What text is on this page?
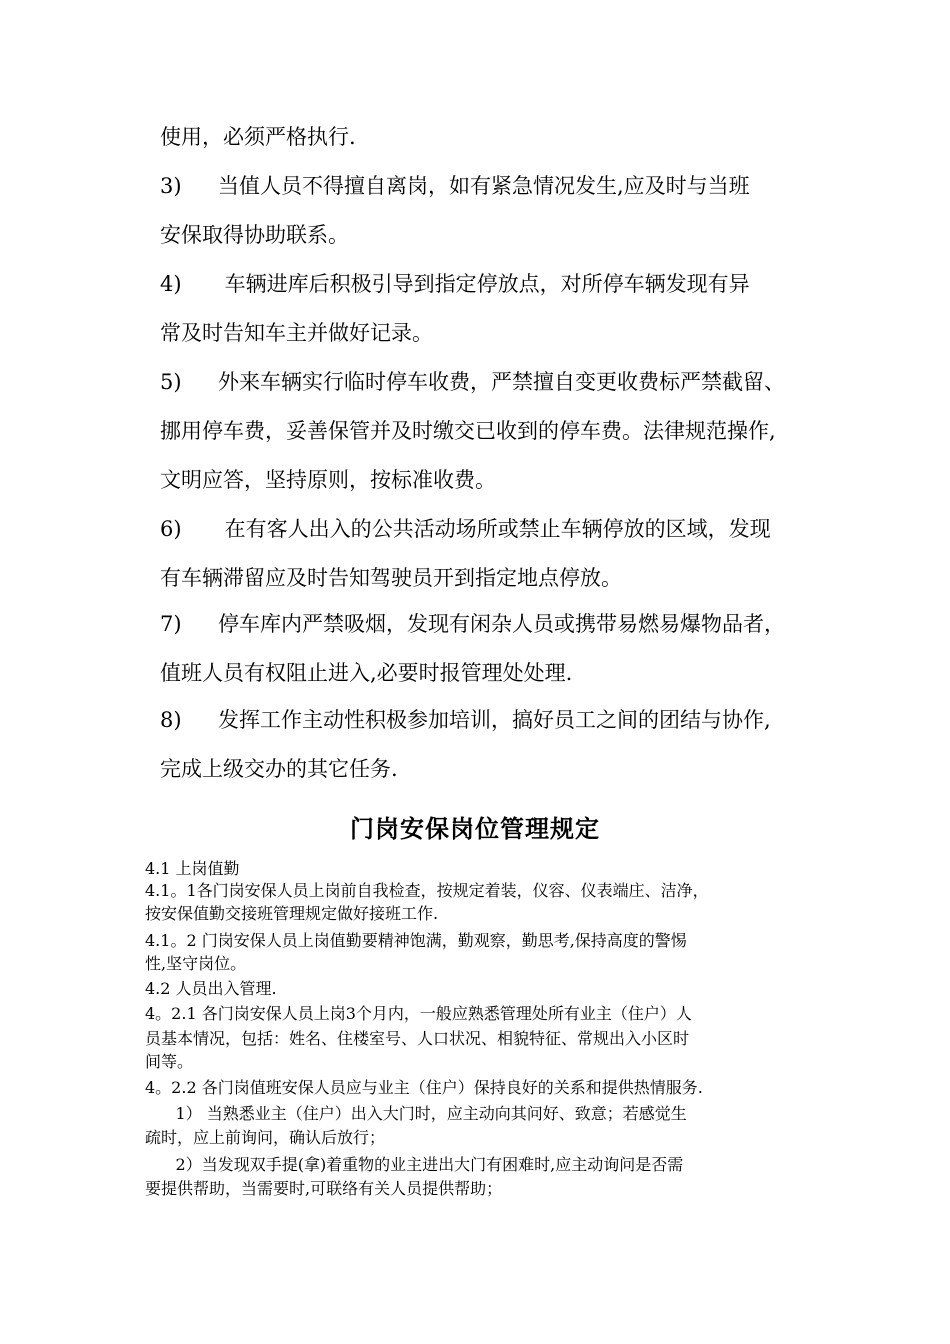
使用，必须严格执行.
3) 当值人员不得擅自离岗，如有紧急情况发生,应及时与当班
安保取得协助联系。
4) 车辆进库后积极引导到指定停放点，对所停车辆发现有异
常及时告知车主并做好记录。
5) 外来车辆实行临时停车收费，严禁擅自变更收费标严禁截留、
挪用停车费，妥善保管并及时缴交已收到的停车费。法律规范操作,
文明应答，坚持原则，按标准收费。
6) 在有客人出入的公共活动场所或禁止车辆停放的区域，发现
有车辆滞留应及时告知驾驶员开到指定地点停放。
7) 停车库内严禁吸烟，发现有闲杂人员或携带易燃易爆物品者，
值班人员有权阻止进入,必要时报管理处处理.
8) 发挥工作主动性积极参加培训，搞好员工之间的团结与协作,
完成上级交办的其它任务.
门岗安保岗位管理规定
4.1 上岗值勤
4.1。1各门岗安保人员上岗前自我检查，按规定着装，仪容、仪表端庄、洁净，
按安保值勤交接班管理规定做好接班工作.
4.1。2 门岗安保人员上岗值勤要精神饱满，勤观察，勤思考,保持高度的警惕
性,坚守岗位。
4.2 人员出入管理.
4。2.1 各门岗安保人员上岗3个月内，一般应熟悉管理处所有业主（住户）人
员基本情况，包括：姓名、住楼室号、人口状况、相貌特征、常规出入小区时
间等。
4。2.2 各门岗值班安保人员应与业主（住户）保持良好的关系和提供热情服务.
1） 当熟悉业主（住户）出入大门时，应主动向其问好、致意；若感觉生
疏时，应上前询问，确认后放行；
2）当发现双手提(拿)着重物的业主进出大门有困难时,应主动询问是否需
要提供帮助，当需要时,可联络有关人员提供帮助；
